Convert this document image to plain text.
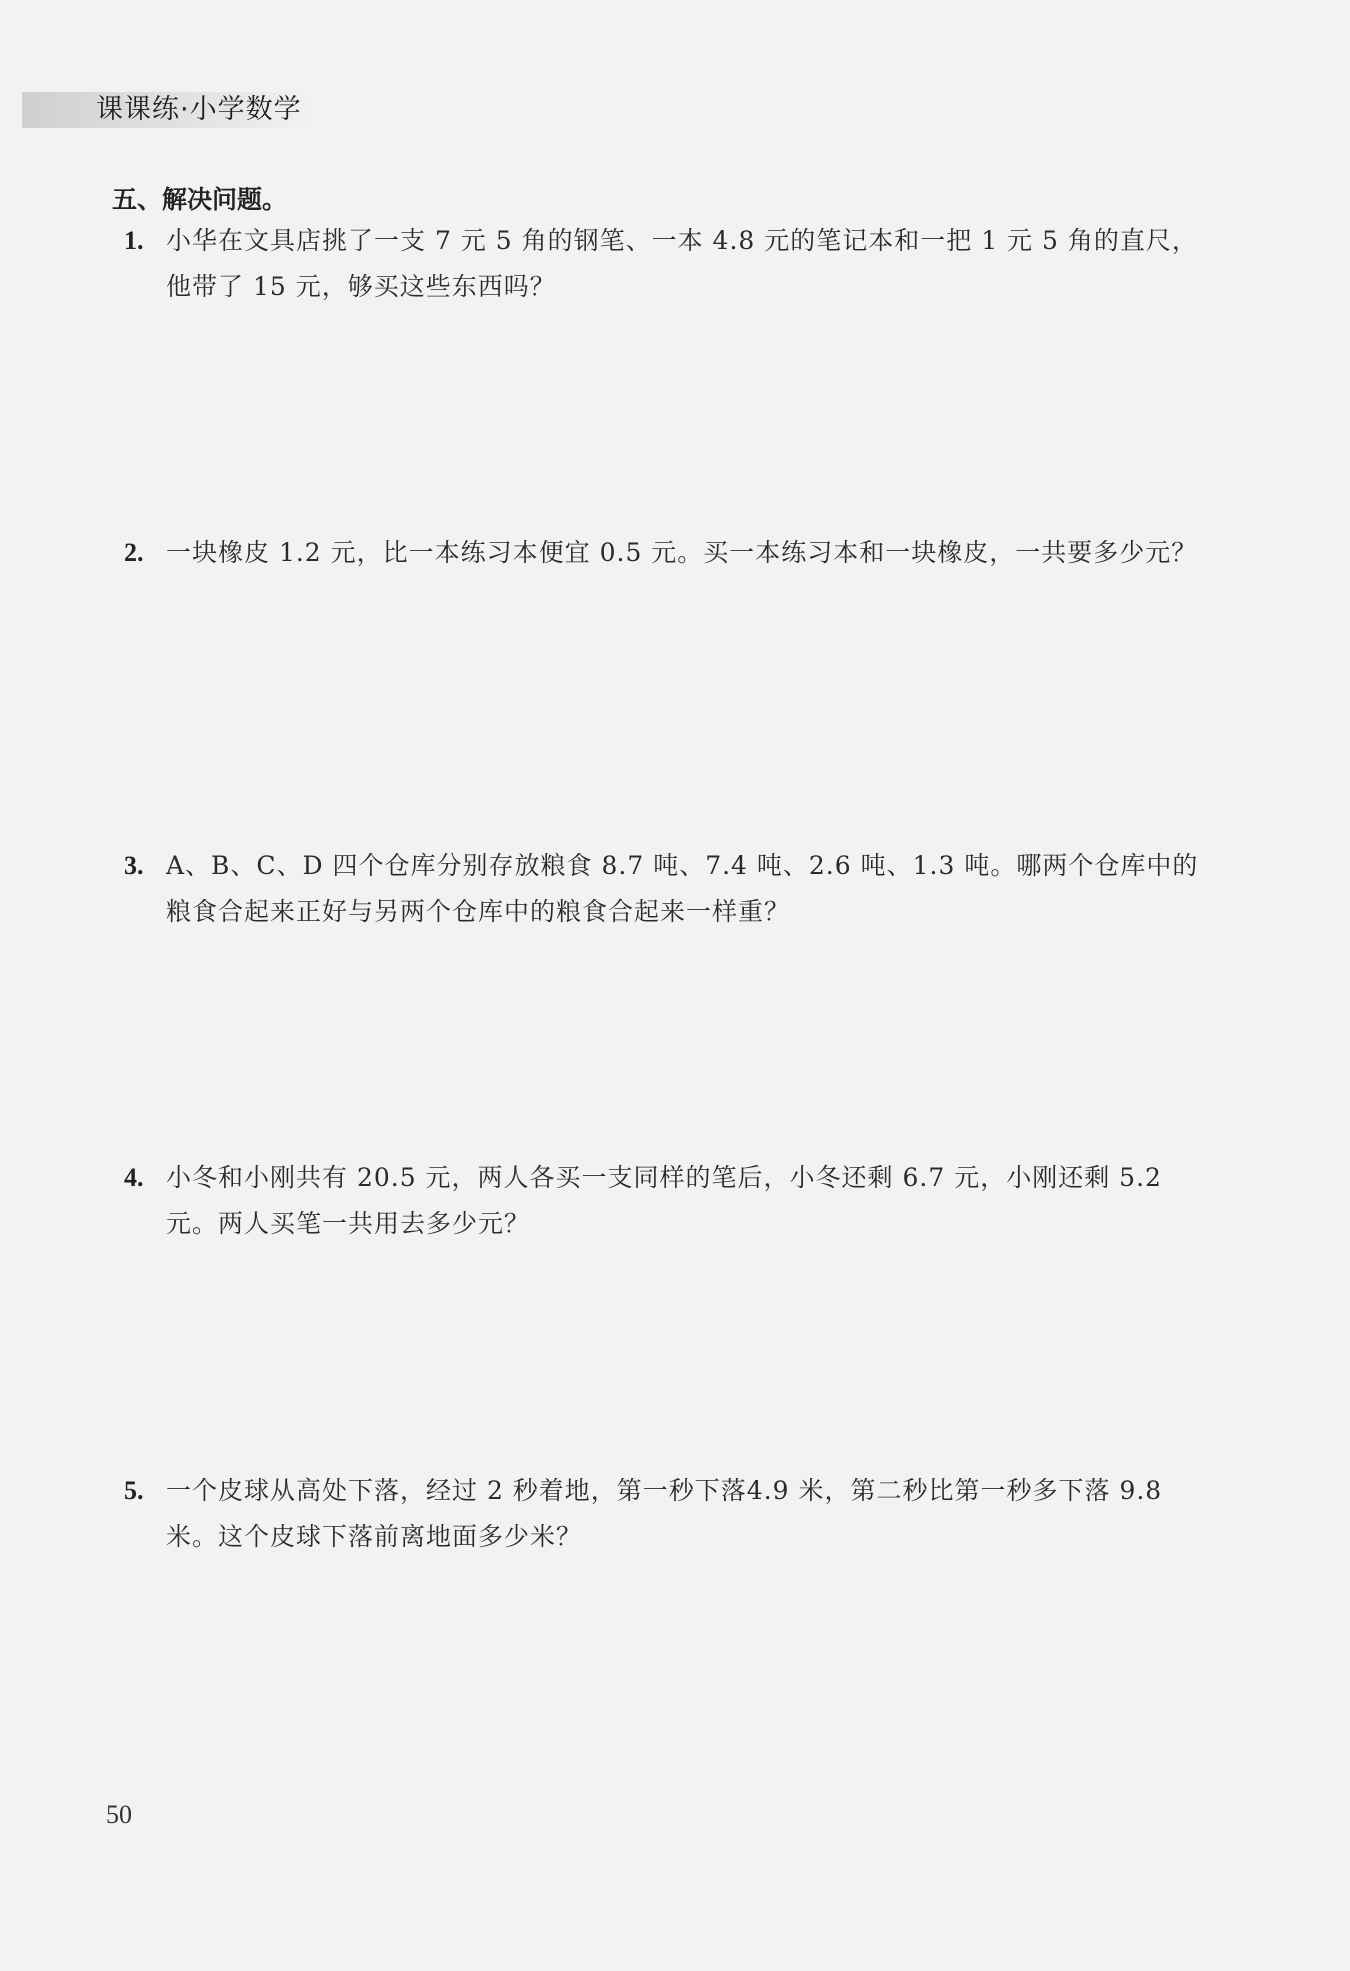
课课练·小学数学
五、解决问题。
1. 小华在文具店挑了一支 7 元 5 角的钢笔、一本 4.8 元的笔记本和一把 1 元 5 角的直尺，他带了 15 元，够买这些东西吗？
2. 一块橡皮 1.2 元，比一本练习本便宜 0.5 元。买一本练习本和一块橡皮，一共要多少元？
3. A、B、C、D 四个仓库分别存放粮食 8.7 吨、7.4 吨、2.6 吨、1.3 吨。哪两个仓库中的粮食合起来正好与另两个仓库中的粮食合起来一样重？
4. 小冬和小刚共有 20.5 元，两人各买一支同样的笔后，小冬还剩 6.7 元，小刚还剩 5.2 元。两人买笔一共用去多少元？
5. 一个皮球从高处下落，经过 2 秒着地，第一秒下落4.9 米，第二秒比第一秒多下落 9.8 米。这个皮球下落前离地面多少米？
50
